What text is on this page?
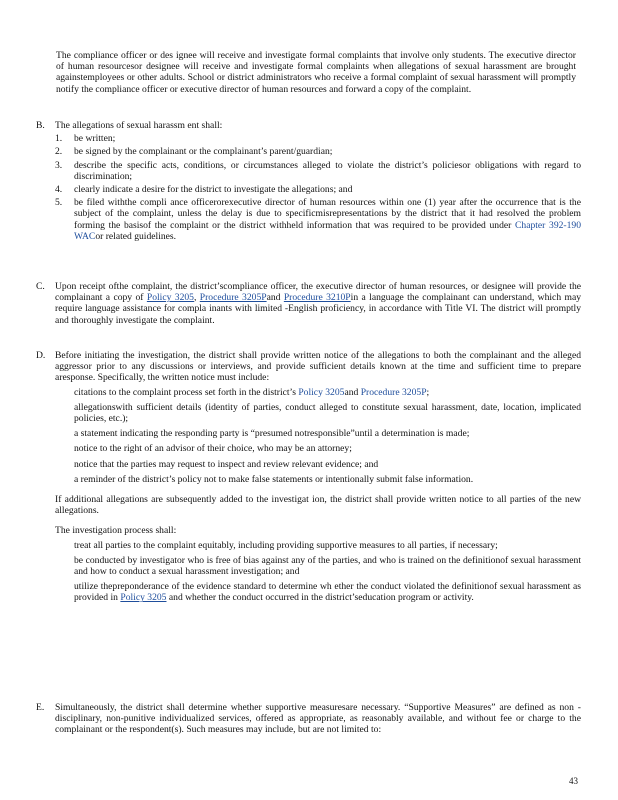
The compliance officer or des ignee will receive and investigate formal complaints that involve only students. The executive director of human resourcesor designee will receive and investigate formal complaints when allegations of sexual harassment are brought againstemployees or other adults. School or district administrators who receive a formal complaint of sexual harassment will promptly notify the compliance officer or executive director of human resources and forward a copy of the complaint.
B.	The allegations of sexual harassm ent shall:
1. be written;
2. be signed by the complainant or the complainant’s parent/guardian;
3. describe the specific acts, conditions, or circumstances alleged to violate the district’s policiesor obligations with regard to discrimination;
4. clearly indicate a desire for the district to investigate the allegations; and
5. be filed withthe compli ance officerorexecutive director of human resources within one (1) year after the occurrence that is the subject of the complaint, unless the delay is due to specificmisrepresentations by the district that it had resolved the problem forming the basisof the complaint or the district withheld information that was required to be provided under Chapter 392-190 WACor related guidelines.
C.	Upon receipt ofthe complaint, the district’scompliance officer, the executive director of human resources, or designee will provide the complainant a copy of Policy 3205, Procedure 3205Pand Procedure 3210Pin a language the complainant can understand, which may require language assistance for compla inants with limited -English proficiency, in accordance with Title VI. The district will promptly and thoroughly investigate the complaint.
D.	Before initiating the investigation, the district shall provide written notice of the allegations to both the complainant and the alleged aggressor prior to any discussions or interviews, and provide sufficient details known at the time and sufficient time to prepare aresponse. Specifically, the written notice must include:
citations to the complaint process set forth in the district’s Policy 3205and Procedure 3205P;
allegationswith sufficient details (identity of parties, conduct alleged to constitute sexual harassment, date, location, implicated policies, etc.);
a statement indicating the responding party is “presumed notresponsible”until a determination is made;
notice to the right of an advisor of their choice, who may be an attorney;
notice that the parties may request to inspect and review relevant evidence; and
a reminder of the district’s policy not to make false statements or intentionally submit false information.
If additional allegations are subsequently added to the investigat ion, the district shall provide written notice to all parties of the new allegations.
The investigation process shall:
treat all parties to the complaint equitably, including providing supportive measures to all parties, if necessary;
be conducted by investigator who is free of bias against any of the parties, and who is trained on the definitionof sexual harassment and how to conduct a sexual harassment investigation; and
utilize thepreponderance of the evidence standard to determine wh ether the conduct violated the definitionof sexual harassment as provided in Policy 3205 and whether the conduct occurred in the district’seducation program or activity.
E.	Simultaneously, the district shall determine whether supportive measuresare necessary. “Supportive Measures” are defined as non -disciplinary, non-punitive individualized services, offered as appropriate, as reasonably available, and without fee or charge to the complainant or the respondent(s). Such measures may include, but are not limited to:
43
